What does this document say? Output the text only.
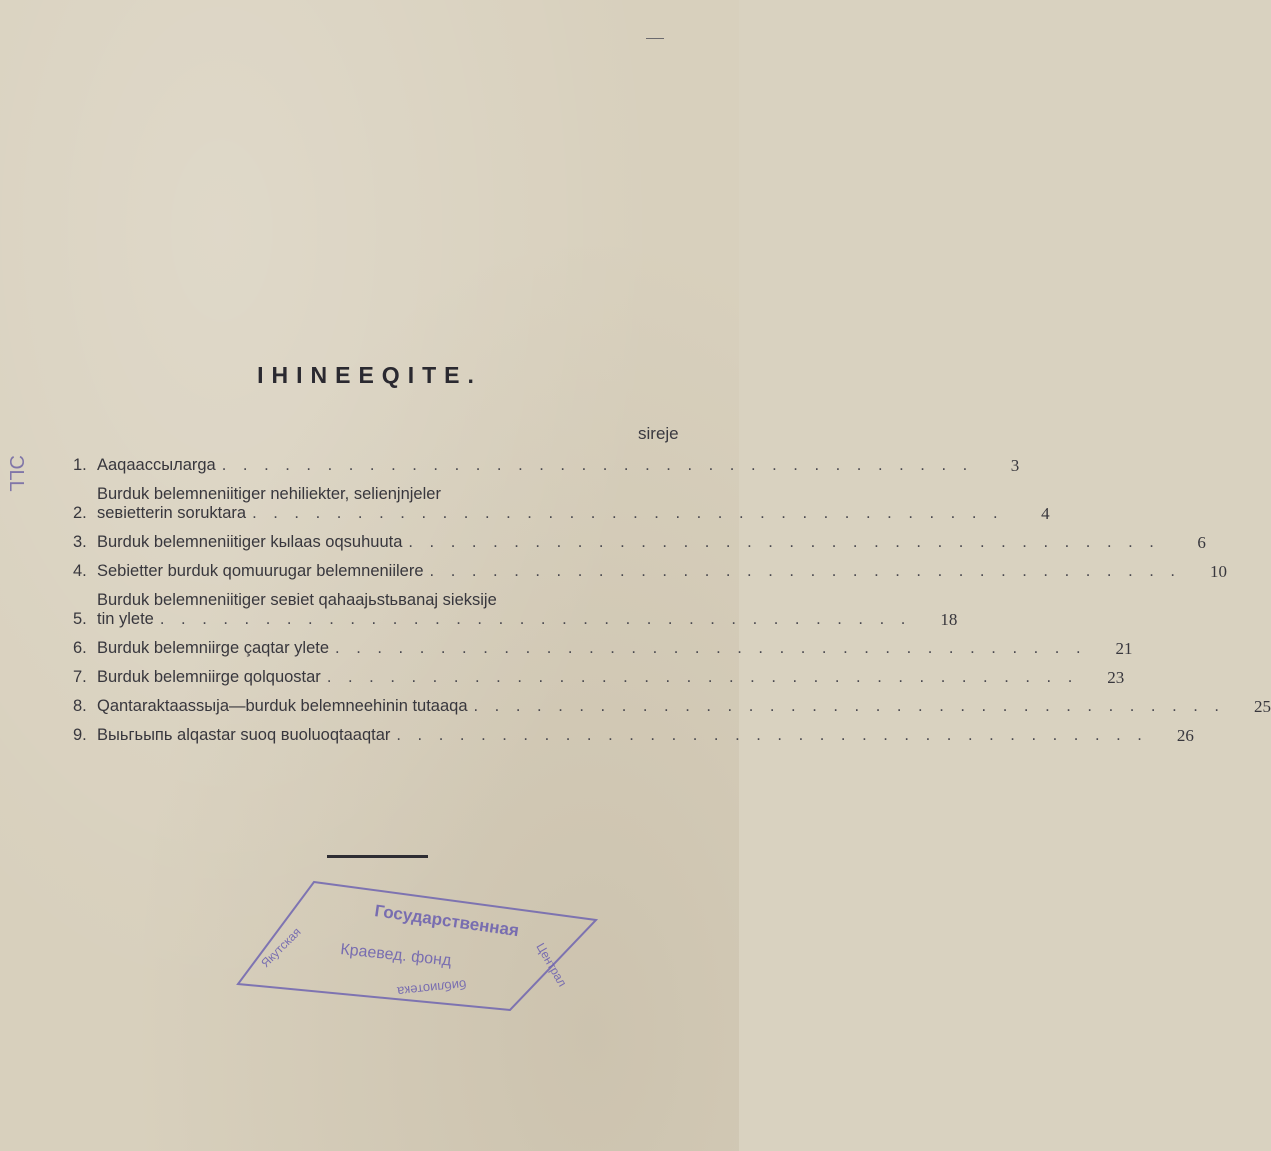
ƆLL
IHINEEQITE.
sireje
1. Aaqaaccылarga . . . . . . . . . . . . . . . . . . . . . . . . . . . . . . . . . . . .	3
2.
Burduk belemneniitiger nehiliekter, selienjnjeler
seвietterin soruktara . . . . . . . . . . . . . . . . . . . . . . . . . . . . . . . . . . . .	4
3. Burduk belemneniitiger kыlaas oqsuhuuta . . . . . . . . . . . . . . . . . . . . . . . . . . . . . . . . . . . .	6
4. Sebietter burduk qomuurugar belemneniilere . . . . . . . . . . . . . . . . . . . . . . . . . . . . . . . . . . . .	10
5.
Burduk belemneniitiger seвiet qahaajьstьвanaj sieksije
tin ylete . . . . . . . . . . . . . . . . . . . . . . . . . . . . . . . . . . . .	18
6. Burduk belemniirge çaqtar ylete . . . . . . . . . . . . . . . . . . . . . . . . . . . . . . . . . . . .	21
7. Burduk belemniirge qolquostar . . . . . . . . . . . . . . . . . . . . . . . . . . . . . . . . . . . .	23
8. Qantaraktaassыja—burduk belemneehinin tutaaqa . . . . . . . . . . . . . . . . . . . . . . . . . . . . . . . . . . . .	25
9. Выьгьыпь alqastar suoq вuoluoqtaaqtar . . . . . . . . . . . . . . . . . . . . . . . . . . . . . . . . . . . .	26
Государственная
Краевед. фонд
Якутская	Централ
библиотека
